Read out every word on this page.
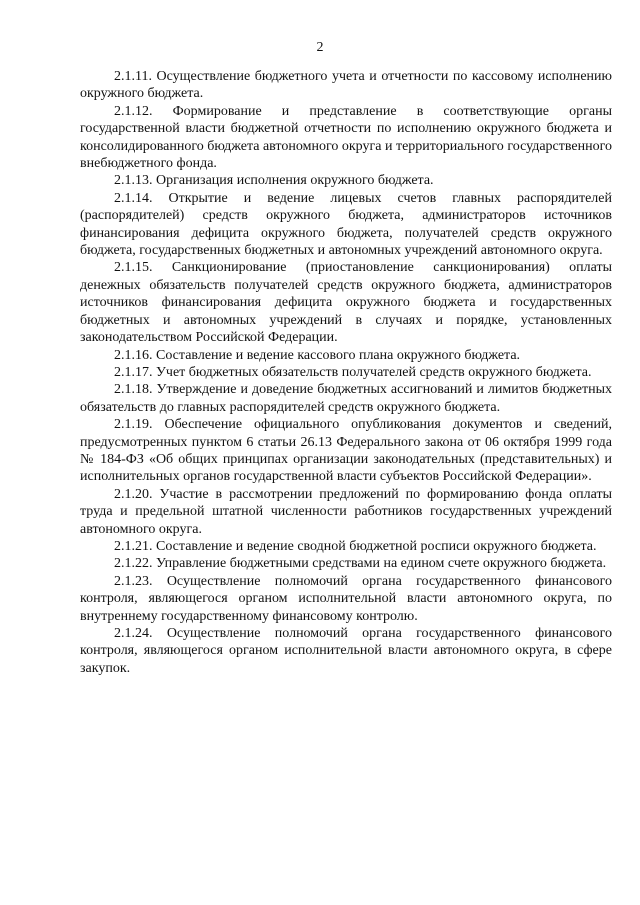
2

2.1.11. Осуществление бюджетного учета и отчетности по кассовому исполнению окружного бюджета.

2.1.12. Формирование и представление в соответствующие органы государственной власти бюджетной отчетности по исполнению окружного бюджета и консолидированного бюджета автономного округа и территориального государственного внебюджетного фонда.

2.1.13. Организация исполнения окружного бюджета.

2.1.14. Открытие и ведение лицевых счетов главных распорядителей (распорядителей) средств окружного бюджета, администраторов источников финансирования дефицита окружного бюджета, получателей средств окружного бюджета, государственных бюджетных и автономных учреждений автономного округа.

2.1.15. Санкционирование (приостановление санкционирования) оплаты денежных обязательств получателей средств окружного бюджета, администраторов источников финансирования дефицита окружного бюджета и государственных бюджетных и автономных учреждений в случаях и порядке, установленных законодательством Российской Федерации.

2.1.16. Составление и ведение кассового плана окружного бюджета.

2.1.17. Учет бюджетных обязательств получателей средств окружного бюджета.

2.1.18. Утверждение и доведение бюджетных ассигнований и лимитов бюджетных обязательств до главных распорядителей средств окружного бюджета.

2.1.19. Обеспечение официального опубликования документов и сведений, предусмотренных пунктом 6 статьи 26.13 Федерального закона от 06 октября 1999 года № 184-ФЗ «Об общих принципах организации законодательных (представительных) и исполнительных органов государственной власти субъектов Российской Федерации».

2.1.20. Участие в рассмотрении предложений по формированию фонда оплаты труда и предельной штатной численности работников государственных учреждений автономного округа.

2.1.21. Составление и ведение сводной бюджетной росписи окружного бюджета.

2.1.22. Управление бюджетными средствами на едином счете окружного бюджета.

2.1.23. Осуществление полномочий органа государственного финансового контроля, являющегося органом исполнительной власти автономного округа, по внутреннему государственному финансовому контролю.

2.1.24. Осуществление полномочий органа государственного финансового контроля, являющегося органом исполнительной власти автономного округа, в сфере закупок.
